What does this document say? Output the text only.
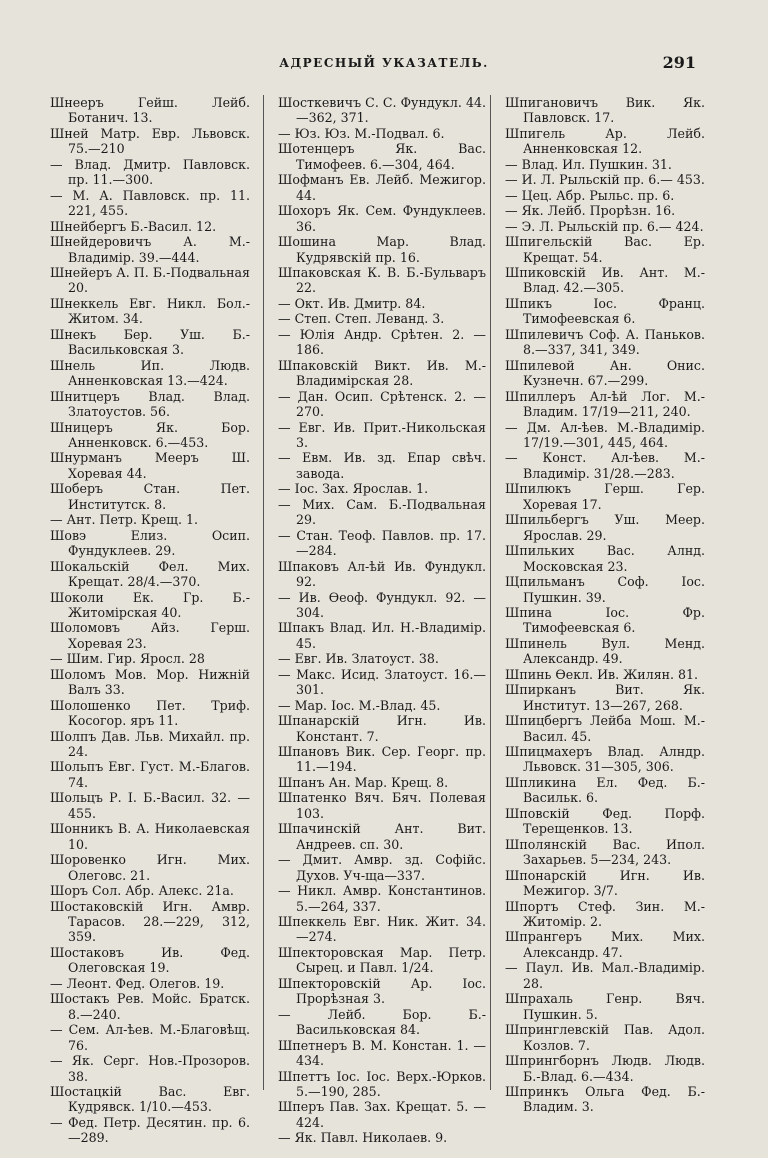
АДРЕСНЫЙ УКАЗАТЕЛЬ.	291

Шнееръ Гейш. Лейб. Ботанич. 13.

Шней Матр. Евр. Львовск. 75.—210

— Влад. Дмитр. Павловск. пр. 11.—300.

— М. А. Павловск. пр. 11. 221, 455.

Шнейбергъ Б.-Васил. 12.

Шнейдеровичъ А. М.-Владимір. 39.—444.

Шнейеръ А. П. Б.-Подвальная 20.

Шнеккель Евг. Никл. Бол.-Житом. 34.

Шнекъ Бер. Уш. Б.-Васильковская 3.

Шнель Ип. Людв. Анненковская 13.—424.

Шнитцеръ Влад. Влад. Златоустов. 56.

Шницеръ Як. Бор. Анненковск. 6.—453.

Шнурманъ Мееръ Ш. Хоревая 44.

Шоберъ Стан. Пет. Институтск. 8.

— Ант. Петр. Крещ. 1.

Шовэ Елиз. Осип. Фундуклеев. 29.

Шокальскій Фел. Мих. Крещат. 28/4.—370.

Шоколи Ек. Гр. Б.-Житомірская 40.

Шоломовъ Айз. Герш. Хоревая 23.

— Шим. Гир. Яросл. 28

Шоломъ Мов. Мор. Нижній Валъ 33.

Шолошенко Пет. Триф. Косогор. яръ 11.

Шолпъ Дав. Льв. Михайл. пр. 24.

Шольпъ Евг. Густ. М.-Благов. 74.

Шольцъ Р. І. Б.-Васил. 32. —455.

Шонникъ В. А. Николаевская 10.

Шоровенко Игн. Мих. Олеговс. 21.

Шоръ Сол. Абр. Алекс. 21а.

Шостаковскій Игн. Амвр. Тарасов. 28.—229, 312, 359.

Шостаковъ Ив. Фед. Олеговская 19.

— Леонт. Фед. Олегов. 19.

Шостакъ Рев. Мойс. Братск. 8.—240.

— Сем. Ал-ѣев. М.-Благовѣщ. 76.

— Як. Серг. Нов.-Прозоров. 38.

Шостацкій Вас. Евг. Кудрявск. 1/10.—453.

— Фед. Петр. Десятин. пр. 6.—289.

Шосткевичъ С. С. Фундукл. 44.—362, 371.

— Юз. Юз. М.-Подвал. 6.

Шотенцеръ Як. Вас. Тимофеев. 6.—304, 464.

Шофманъ Ев. Лейб. Межигор. 44.

Шохоръ Як. Сем. Фундуклеев. 36.

Шошина Мар. Влад. Кудрявскій пр. 16.

Шпаковская К. В. Б.-Бульваръ 22.

— Окт. Ив. Дмитр. 84.

— Степ. Степ. Леванд. 3.

— Юлія Андр. Срѣтен. 2. —186.

Шпаковскій Викт. Ив. М.-Владимірская 28.

— Дан. Осип. Срѣтенск. 2. —270.

— Евг. Ив. Прит.-Никольская 3.

— Евм. Ив. зд. Епар свѣч. завода.

— Іос. Зах. Ярослав. 1.

— Мих. Сам. Б.-Подвальная 29.

— Стан. Теоф. Павлов. пр. 17.—284.

Шпаковъ Ал-ѣй Ив. Фундукл. 92.

— Ив. Ѳеоф. Фундукл. 92. —304.

Шпакъ Влад. Ил. Н.-Владимір. 45.

— Евг. Ив. Златоуст. 38.

— Макс. Исид. Златоуст. 16.—301.

— Мар. Іос. М.-Влад. 45.

Шпанарскій Игн. Ив. Констант. 7.

Шпановъ Вик. Сер. Георг. пр. 11.—194.

Шпанъ Ан. Мар. Крещ. 8.

Шпатенко Вяч. Бяч. Полевая 103.

Шпачинскій Ант. Вит. Андреев. сп. 30.

— Дмит. Амвр. зд. Софійс. Духов. Уч-ща—337.

— Никл. Амвр. Константинов. 5.—264, 337.

Шпеккель Евг. Ник. Жит. 34.—274.

Шпекторовская Мар. Петр. Сырец. и Павл. 1/24.

Шпекторовскій Ар. Іос. Прорѣзная 3.

— Лейб. Бор. Б.-Васильковская 84.

Шпетнеръ В. М. Констан. 1. —434.

Шпеттъ Іос. Іос. Верх.-Юрков. 5.—190, 285.

Шперъ Пав. Зах. Крещат. 5. —424.

— Як. Павл. Николаев. 9.

Шпигановичъ Вик. Як. Павловск. 17.

Шпигель Ар. Лейб. Анненковская 12.

— Влад. Ил. Пушкин. 31.

— И. Л. Рыльскій пр. 6.— 453.

— Цец. Абр. Рыльс. пр. 6.

— Як. Лейб. Прорѣзн. 16.

— Э. Л. Рыльскій пр. 6.— 424.

Шпигельскій Вас. Ер. Крещат. 54.

Шпиковскій Ив. Ант. М.-Влад. 42.—305.

Шпикъ Іос. Франц. Тимофеевская 6.

Шпилевичъ Соф. А. Паньков. 8.—337, 341, 349.

Шпилевой Ан. Онис. Кузнечн. 67.—299.

Шпиллеръ Ал-ѣй Лог. М.-Владим. 17/19—211, 240.

— Дм. Ал-ѣев. М.-Владимір. 17/19.—301, 445, 464.

— Конст. Ал-ѣев. М.-Владимір. 31/28.—283.

Шпилюкъ Герш. Гер. Хоревая 17.

Шпильбергъ Уш. Меер. Ярослав. 29.

Шпильких Вас. Алнд. Московская 23.

Щпильманъ Соф. Іос. Пушкин. 39.

Шпина Іос. Фр. Тимофеевская 6.

Шпинель Вул. Менд. Александр. 49.

Шпинь Ѳекл. Ив. Жилян. 81.

Шпирканъ Вит. Як. Институт. 13—267, 268.

Шпицбергъ Лейба Мош. М.-Васил. 45.

Шпицмахеръ Влад. Алндр. Львовск. 31—305, 306.

Шпликина Ел. Фед. Б.-Васильк. 6.

Шповскій Фед. Порф. Терещенков. 13.

Шполянскій Вас. Ипол. Захарьев. 5—234, 243.

Шпонарскій Игн. Ив. Межигор. 3/7.

Шпортъ Стеф. Зин. М.-Житомір. 2.

Шпрангеръ Мих. Мих. Александр. 47.

— Паул. Ив. Мал.-Владимір. 28.

Шпрахаль Генр. Вяч. Пушкин. 5.

Шпринглевскій Пав. Адол. Козлов. 7.

Шпрингборнъ Людв. Людв. Б.-Влад. 6.—434.

Шпринкъ Ольга Фед. Б.-Владим. 3.
